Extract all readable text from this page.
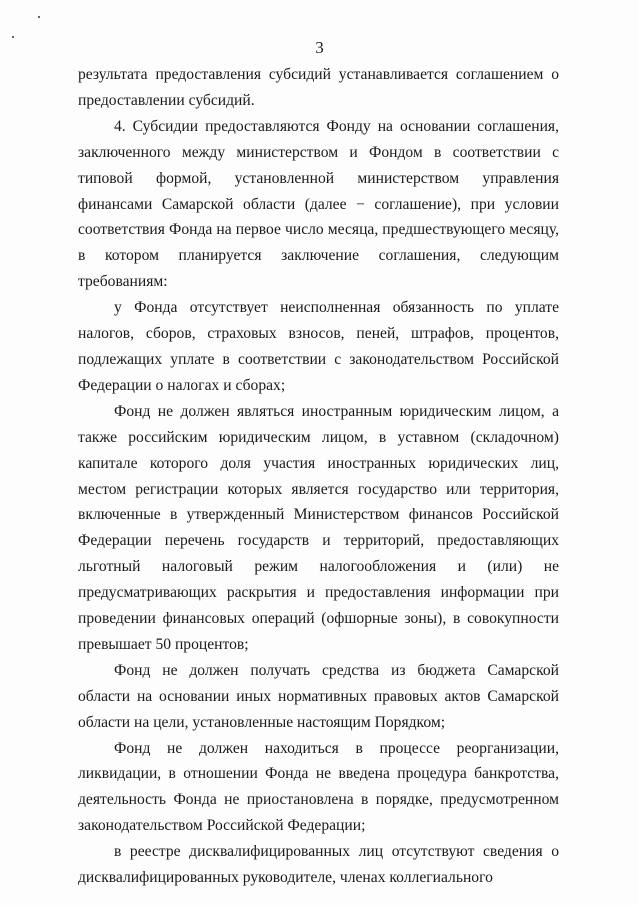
3

результата предоставления субсидий устанавливается соглашением о предоставлении субсидий.

4. Субсидии предоставляются Фонду на основании соглашения, заключенного между министерством и Фондом в соответствии с типовой формой, установленной министерством управления финансами Самарской области (далее − соглашение), при условии соответствия Фонда на первое число месяца, предшествующего месяцу, в котором планируется заключение соглашения, следующим требованиям:

у Фонда отсутствует неисполненная обязанность по уплате налогов, сборов, страховых взносов, пеней, штрафов, процентов, подлежащих уплате в соответствии с законодательством Российской Федерации о налогах и сборах;

Фонд не должен являться иностранным юридическим лицом, а также российским юридическим лицом, в уставном (складочном) капитале которого доля участия иностранных юридических лиц, местом регистрации которых является государство или территория, включенные в утвержденный Министерством финансов Российской Федерации перечень государств и территорий, предоставляющих льготный налоговый режим налогообложения и (или) не предусматривающих раскрытия и предоставления информации при проведении финансовых операций (офшорные зоны), в совокупности превышает 50 процентов;

Фонд не должен получать средства из бюджета Самарской области на основании иных нормативных правовых актов Самарской области на цели, установленные настоящим Порядком;

Фонд не должен находиться в процессе реорганизации, ликвидации, в отношении Фонда не введена процедура банкротства, деятельность Фонда не приостановлена в порядке, предусмотренном законодательством Российской Федерации;

в реестре дисквалифицированных лиц отсутствуют сведения о дисквалифицированных руководителе, членах коллегиального
